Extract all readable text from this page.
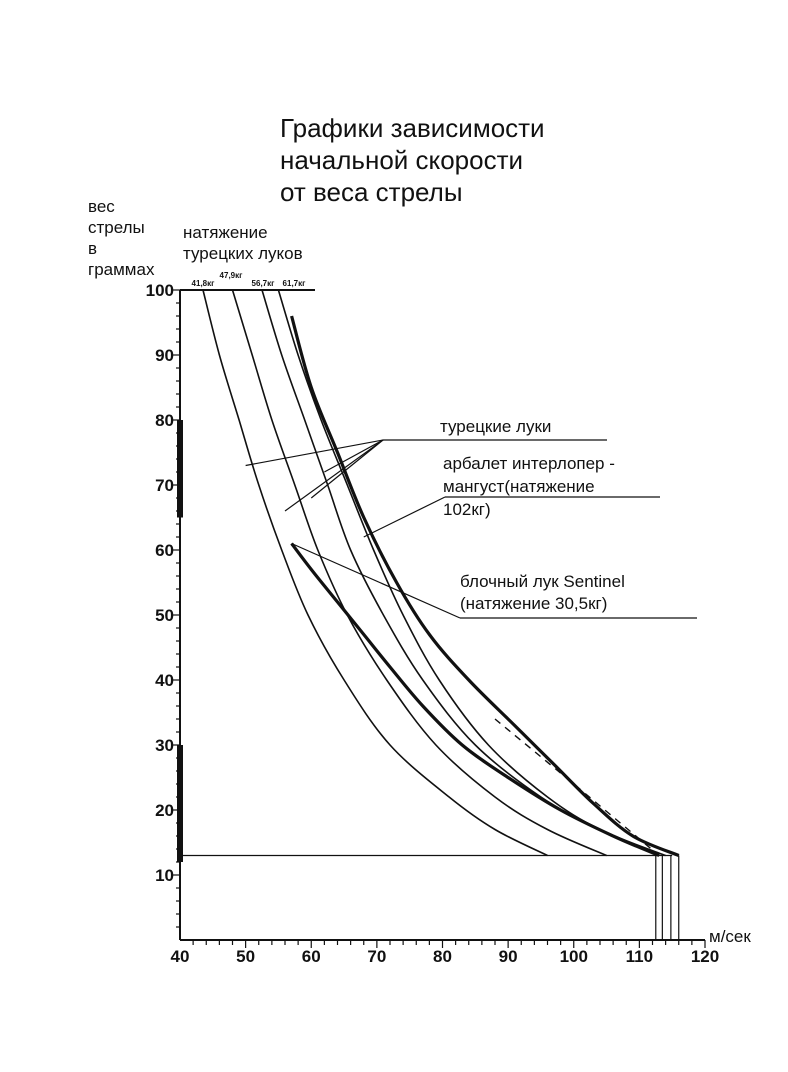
Графики зависимости
начальной скорости
от веса стрелы
вес
стрелы
в
граммах
натяжение
турецких луков
м/сек
10
20
30
40
50
60
70
80
90
100
40	50	60	70	80	90 100 110 120
41,8кг
47,9кг
56,7кг 61,7кг
турецкие луки
арбалет интерлопер -
мангуст(натяжение
102кг)
блочный лук Sentinel
(натяжение 30,5кг)
